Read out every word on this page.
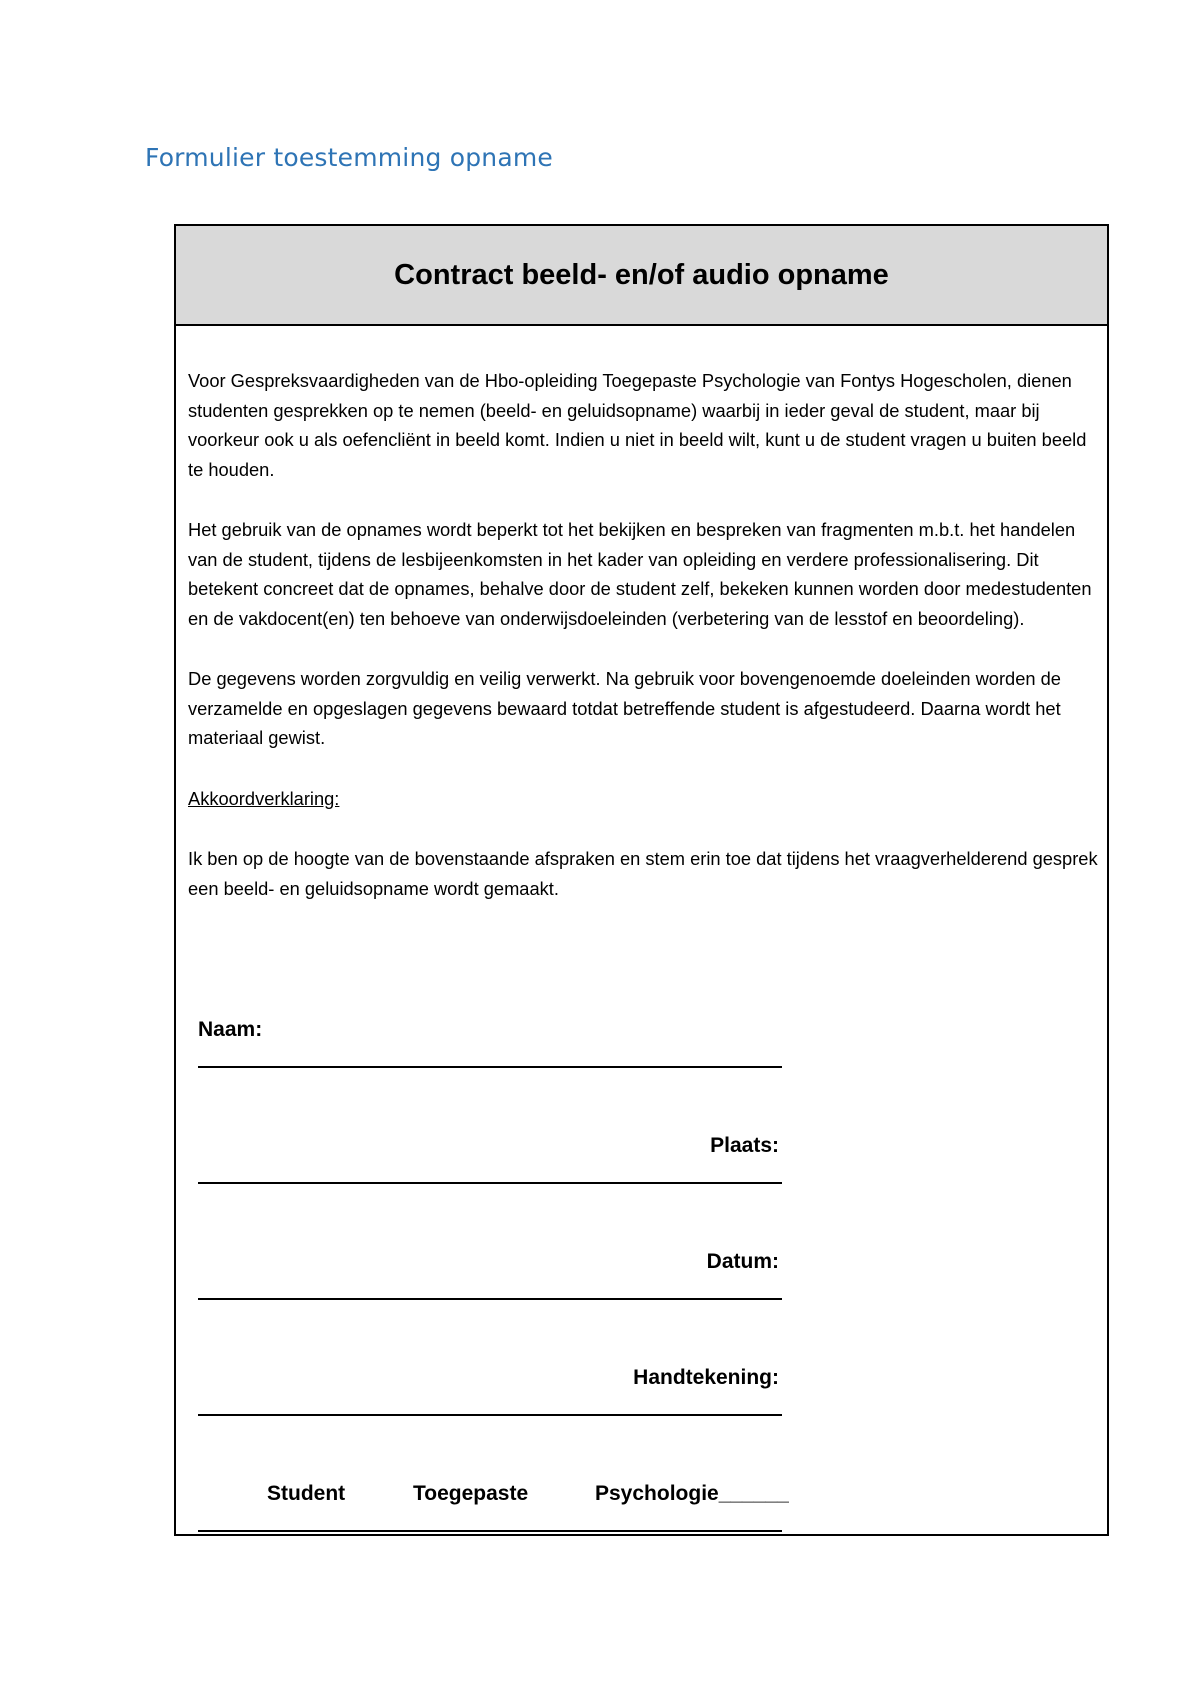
Formulier toestemming opname
Contract beeld- en/of audio opname

Voor Gespreksvaardigheden van de Hbo-opleiding Toegepaste Psychologie van Fontys Hogescholen, dienen studenten gesprekken op te nemen (beeld- en geluidsopname) waarbij in ieder geval de student, maar bij voorkeur ook u als oefencliënt in beeld komt. Indien u niet in beeld wilt, kunt u de student vragen u buiten beeld te houden.

Het gebruik van de opnames wordt beperkt tot het bekijken en bespreken van fragmenten m.b.t. het handelen van de student, tijdens de lesbijeenkomsten in het kader van opleiding en verdere professionalisering. Dit betekent concreet dat de opnames, behalve door de student zelf, bekeken kunnen worden door medestudenten en de vakdocent(en) ten behoeve van onderwijsdoeleinden (verbetering van de lesstof en beoordeling).

De gegevens worden zorgvuldig en veilig verwerkt. Na gebruik voor bovengenoemde doeleinden worden de verzamelde en opgeslagen gegevens bewaard totdat betreffende student is afgestudeerd. Daarna wordt het materiaal gewist.

Akkoordverklaring:

Ik ben op de hoogte van de bovenstaande afspraken en stem erin toe dat tijdens het vraagverhelderend gesprek een beeld- en geluidsopname wordt gemaakt.

Naam:
Plaats:
Datum:
Handtekening:
Student	Toegepaste	Psychologie______
